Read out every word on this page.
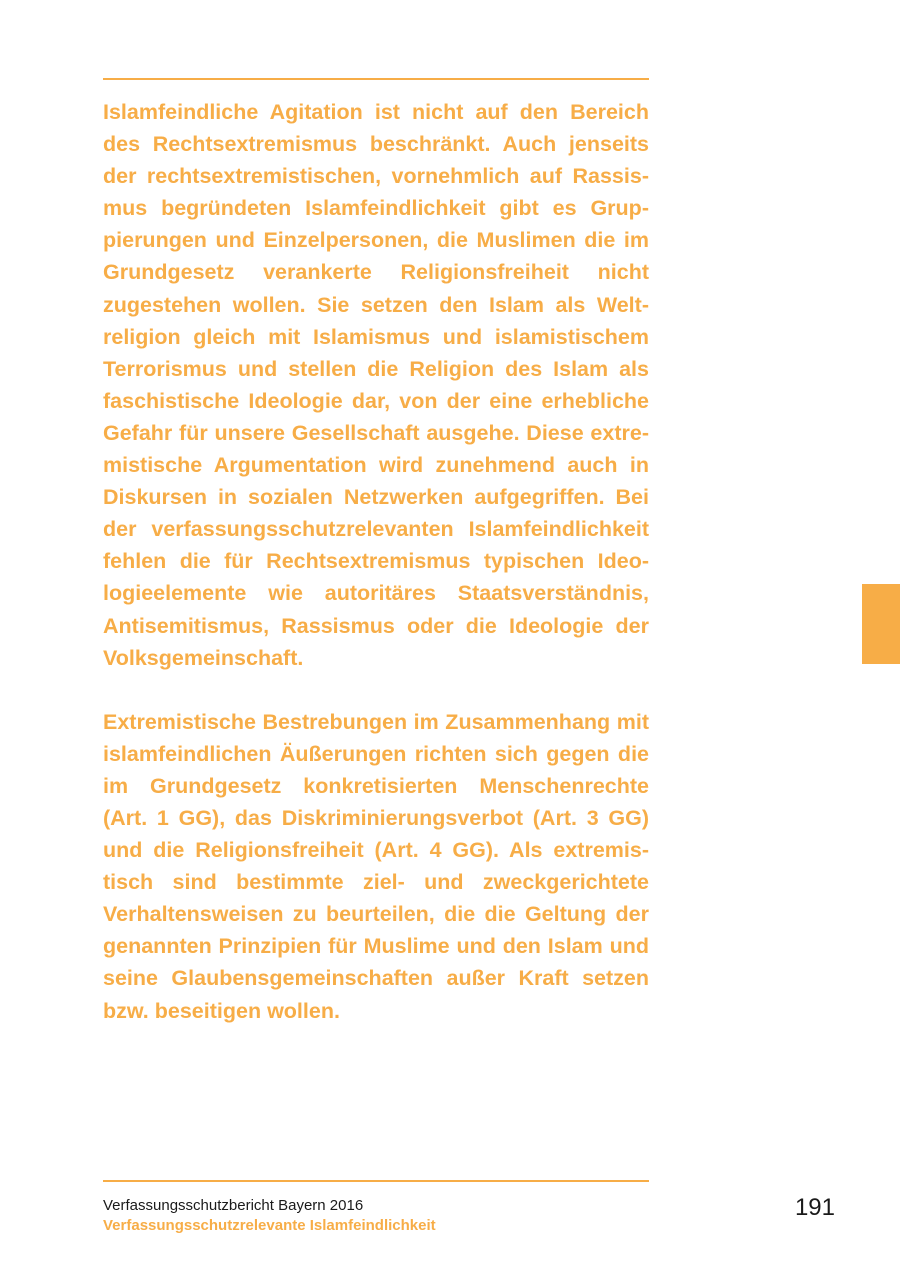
Islamfeindliche Agitation ist nicht auf den Bereich des Rechtsextremismus beschränkt. Auch jenseits der rechtsextremistischen, vornehmlich auf Rassismus begründeten Islamfeindlichkeit gibt es Gruppierungen und Einzelpersonen, die Muslimen die im Grundgesetz verankerte Religionsfreiheit nicht zugestehen wollen. Sie setzen den Islam als Weltreligion gleich mit Islamismus und islamistischem Terrorismus und stellen die Religion des Islam als faschistische Ideologie dar, von der eine erhebliche Gefahr für unsere Gesellschaft ausgehe. Diese extremistische Argumentation wird zunehmend auch in Diskursen in sozialen Netzwerken aufgegriffen. Bei der verfassungsschutzrelevanten Islamfeindlichkeit fehlen die für Rechtsextremismus typischen Ideologieelemente wie autoritäres Staatsverständnis, Antisemitismus, Rassismus oder die Ideologie der Volksgemeinschaft.

Extremistische Bestrebungen im Zusammenhang mit islamfeindlichen Äußerungen richten sich gegen die im Grundgesetz konkretisierten Menschenrechte (Art. 1 GG), das Diskriminierungsverbot (Art. 3 GG) und die Religionsfreiheit (Art. 4 GG). Als extremistisch sind bestimmte ziel- und zweckgerichtete Verhaltensweisen zu beurteilen, die die Geltung der genannten Prinzipien für Muslime und den Islam und seine Glaubensgemeinschaften außer Kraft setzen bzw. beseitigen wollen.

Verfassungsschutzbericht Bayern 2016
Verfassungsschutzrelevante Islamfeindlichkeit
191
